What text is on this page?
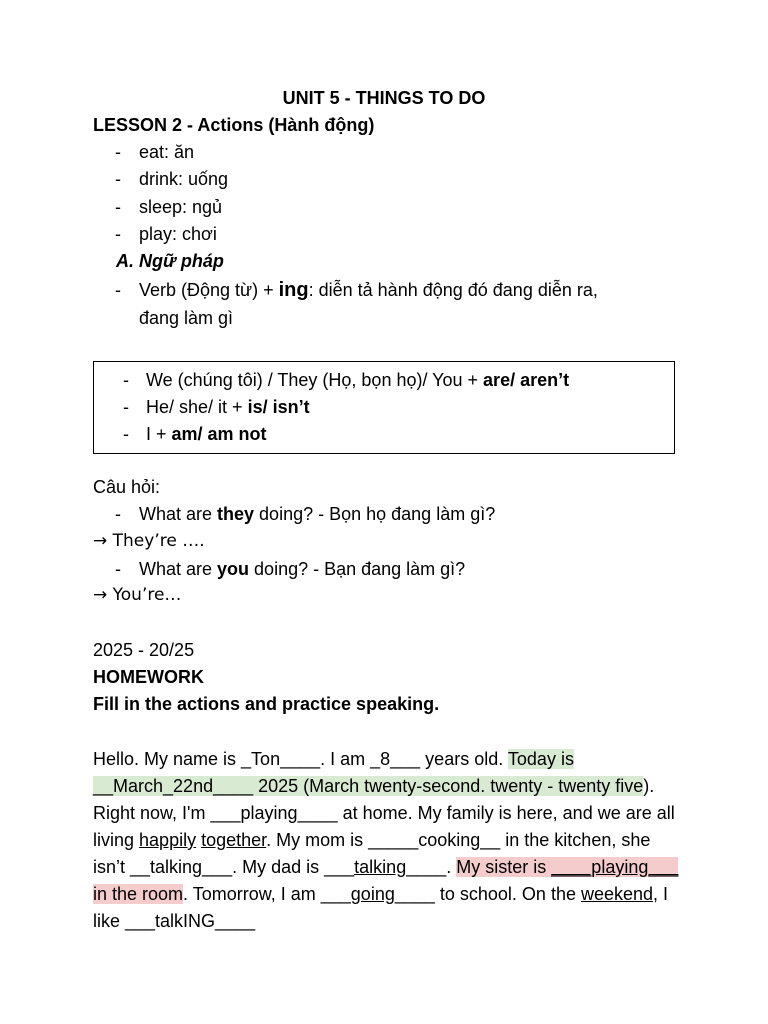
UNIT 5 - THINGS TO DO
LESSON 2 - Actions (Hành động)
-	eat: ăn
-	drink: uống
-	sleep: ngủ
-	play: chơi
A. Ngữ pháp
-	Verb (Động từ) + ing: diễn tả hành động đó đang diễn ra,
đang làm gì
- We (chúng tôi) / They (Họ, bọn họ)/ You + are/ aren’t
- He/ she/ it + is/ isn’t
- I + am/ am not
Câu hỏi:
-	What are they doing? - Bọn họ đang làm gì?
→ They’re ….
-	What are you doing? - Bạn đang làm gì?
→ You’re…
2025 - 20/25
HOMEWORK
Fill in the actions and practice speaking.
Hello. My name is _Ton____. I am _8___ years old. Today is __March_22nd____ 2025 (March twenty-second. twenty - twenty five). Right now, I'm ___playing____ at home. My family is here, and we are all living happily together. My mom is _____cooking__ in the kitchen, she isn’t __talking___. My dad is ___talking____. My sister is ____playing___ in the room. Tomorrow, I am ___going____ to school. On the weekend, I like ___talkING____
